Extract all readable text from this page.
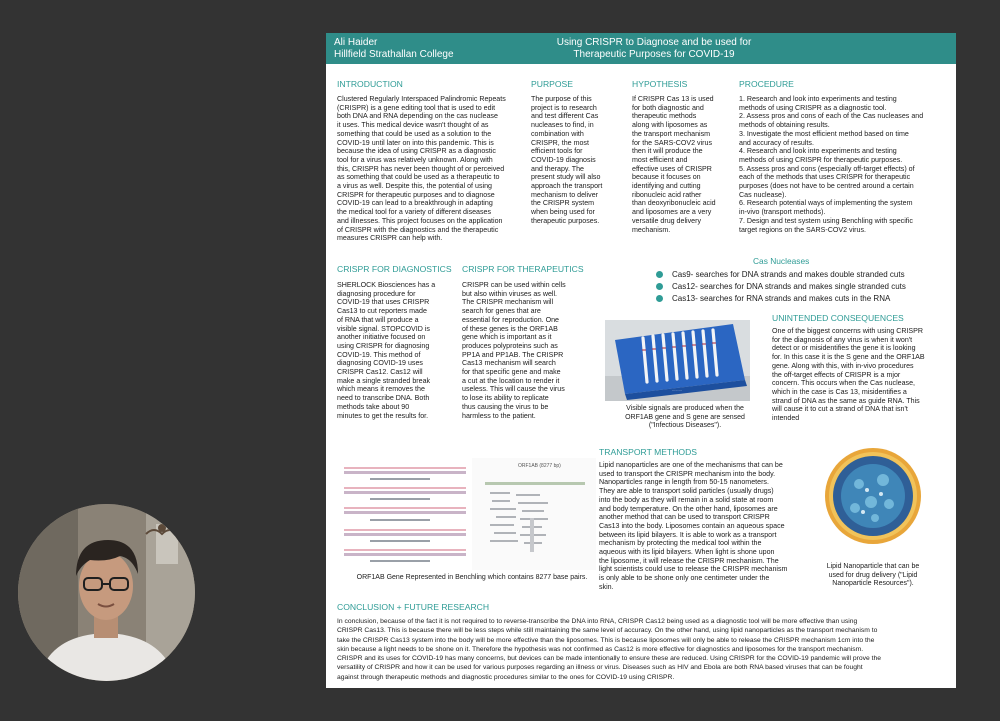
Ali Haider
Hillfield Strathallan College
Using CRISPR to Diagnose and be used for
Therapeutic Purposes for COVID-19
INTRODUCTION
Clustered Regularly Interspaced Palindromic Repeats
(CRISPR) is a gene editing tool that is used to edit
both DNA and RNA depending on the cas nuclease
it uses. This medical device wasn't thought of as
something that could be used as a solution to the
COVID-19 until later on into this pandemic. This is
because the idea of using CRISPR as a diagnostic
tool for a virus was relatively unknown. Along with
this, CRISPR has never been thought of or perceived
as something that could be used as a therapeutic to
a virus as well. Despite this, the potential of using
CRISPR for therapeutic purposes and to diagnose
COVID-19 can lead to a breakthrough in adapting
the medical tool for a variety of different diseases
and illnesses. This project focuses on the application
of CRISPR with the diagnostics and the therapeutic
measures CRISPR can help with.
PURPOSE
The purpose of this
project is to research
and test different Cas
nucleases to find, in
combination with
CRISPR, the most
efficient tools for
COVID-19 diagnosis
and therapy. The
present study will also
approach the transport
mechanism to deliver
the CRISPR system
when being used for
therapeutic purposes.
HYPOTHESIS
If CRISPR Cas 13 is used
for both diagnostic and
therapeutic methods
along with liposomes as
the transport mechanism
for the SARS-COV2 virus
then it will produce the
most efficient and
effective uses of CRISPR
because it focuses on
identifying and cutting
ribonucleic acid rather
than deoxyribonucleic acid
and liposomes are a very
versatile drug delivery
mechanism.
PROCEDURE
1. Research and look into experiments and testing
methods of using CRISPR as a diagnostic tool.
2. Assess pros and cons of each of the Cas nucleases and
methods of obtaining results.
3. Investigate the most efficient method based on time
and accuracy of results.
4. Research and look into experiments and testing
methods of using CRISPR for therapeutic purposes.
5. Assess pros and cons (especially off-target effects) of
each of the methods that uses CRISPR for therapeutic
purposes (does not have to be centred around a certain
Cas nuclease).
6. Research potential ways of implementing the system
in-vivo (transport methods).
7. Design and test system using Benchling with specific
target regions on the SARS-COV2 virus.
Cas Nucleases
Cas9- searches for DNA strands and makes double stranded cuts
Cas12- searches for DNA strands and makes single stranded cuts
Cas13- searches for RNA strands and makes cuts in the RNA
CRISPR FOR DIAGNOSTICS
SHERLOCK Biosciences has a
diagnosing procedure for
COVID-19 that uses CRISPR
Cas13 to cut reporters made
of RNA that will produce a
visible signal. STOPCOVID is
another initiative focused on
using CRISPR for diagnosing
COVID-19. This method of
diagnosing COVID-19 uses
CRISPR Cas12. Cas12 will
make a single stranded break
which means it removes the
need to transcribe DNA. Both
methods take about 90
minutes to get the results for.
CRISPR FOR THERAPEUTICS
CRISPR can be used within cells
but also within viruses as well.
The CRISPR mechanism will
search for genes that are
essential for reproduction. One
of these genes is the ORF1AB
gene which is important as it
produces polyproteins such as
PP1A and PP1AB. The CRISPR
Cas13 mechanism will search
for that specific gene and make
a cut at the location to render it
useless. This will cause the virus
to lose its ability to replicate
thus causing the virus to be
harmless to the patient.
.........
Visible signals are produced when the
ORF1AB gene and S gene are sensed
("Infectious Diseases").
UNINTENDED CONSEQUENCES
One of the biggest concerns with using CRISPR
for the diagnosis of any virus is when it won't
detect or or misidentifies the gene it is looking
for. In this case it is the S gene and the ORF1AB
gene. Along with this, with in-vivo procedures
the off-target effects of CRISPR is a mjor
concern. This occurs when the Cas nuclease,
which in the case is Cas 13, misidentifies a
strand of DNA as the same as guide RNA. This
will cause it to cut a strand of DNA that isn't
intended
ORF1AB (8277 bp)
ORF1AB Gene Represented in Benchling which contains 8277 base pairs.
TRANSPORT METHODS
Lipid nanoparticles are one of the mechanisms that can be
used to transport the CRISPR mechanism into the body.
Nanoparticles range in length from 50-15 nanometers.
They are able to transport solid particles (usually drugs)
into the body as they will remain in a solid state at room
and body temperature. On the other hand, liposomes are
another method that can be used to transport CRISPR
Cas13 into the body. Liposomes contain an aqueous space
between its lipid bilayers. It is able to work as a transport
mechanism by protecting the medical tool within the
aqueous with its lipid bilayers. When light is shone upon
the liposome, it will release the CRISPR mechanism. The
light scientists could use to release the CRISPR mechanism
is only able to be shone only one centimeter under the
skin.
Lipid Nanoparticle that can be
used for drug delivery ("Lipid
Nanoparticle Resources").
CONCLUSION + FUTURE RESEARCH
In conclusion, because of the fact it is not required to to reverse-transcribe the DNA into RNA, CRISPR Cas12 being used as a diagnostic tool will be more effective than using
CRISPR Cas13. This is because there will be less steps while still maintaining the same level of accuracy. On the other hand, using lipid nanoparticles as the transport mechanism to
take the CRISPR Cas13 system into the body will be more effective than the liposomes. This is because liposomes will only be able to release the CRISPR mechanism 1cm into the
skin because a light needs to be shone on it. Therefore the hypothesis was not confirmed as Cas12 is more effective for diagnostics and liposomes for the transport mechanism.
CRISPR and its uses for COVID-19 has many concerns, but devices can be made intentionally to ensure these are reduced. Using CRISPR for the COVID-19 pandemic will prove the
versatility of CRISPR and how it can be used for various purposes regarding an illness or virus. Diseases such as HIV and Ebola are both RNA based viruses that can be fought
against through therapeutic methods and diagnostic procedures similar to the ones for COVID-19 using CRISPR.
